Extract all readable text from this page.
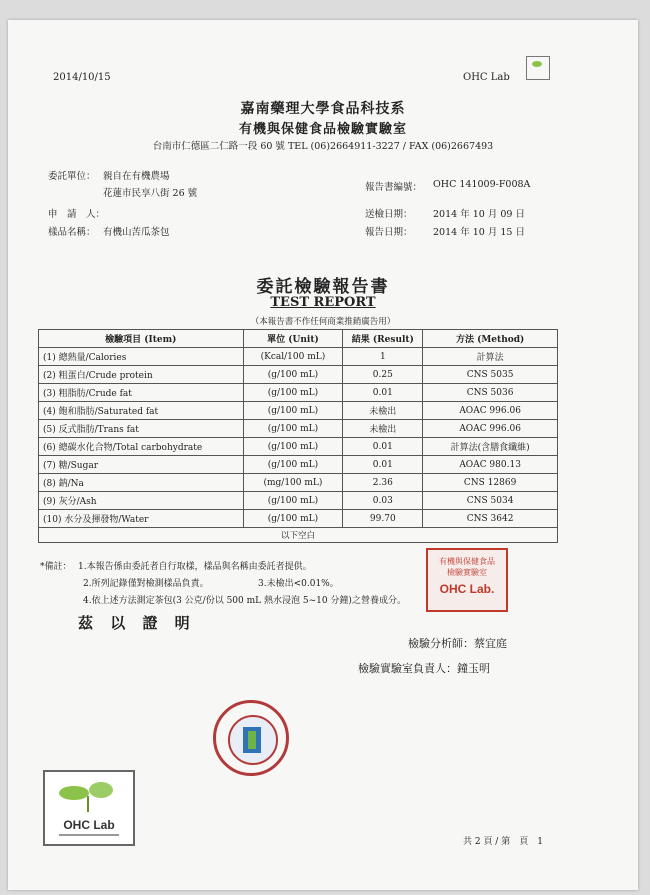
2014/10/15	OHC Lab
嘉南藥理大學食品科技系
有機與保健食品檢驗實驗室
台南市仁德區二仁路一段 60 號 TEL (06)2664911-3227 / FAX (06)2667493
委託單位： 親自在有機農場
花蓮市民享八街 26 號
申　請　人：
樣品名稱： 有機山苦瓜茶包
報告書編號： OHC 141009-F008A
送檢日期： 2014 年 10 月 09 日
報告日期： 2014 年 10 月 15 日
委託檢驗報告書
TEST REPORT
（本報告書不作任何商業推銷廣告用）
檢驗項目 (Item)	單位 (Unit)	結果 (Result)	方法 (Method)
(1) 總熱量/Calories	(Kcal/100 mL)	1	計算法
(2) 粗蛋白/Crude protein	(g/100 mL)	0.25	CNS 5035
(3) 粗脂肪/Crude fat	(g/100 mL)	0.01	CNS 5036
(4) 飽和脂肪/Saturated fat	(g/100 mL)	未檢出	AOAC 996.06
(5) 反式脂肪/Trans fat	(g/100 mL)	未檢出	AOAC 996.06
(6) 總碳水化合物/Total carbohydrate	(g/100 mL)	0.01	計算法(含膳食纖維)
(7) 糖/Sugar	(g/100 mL)	0.01	AOAC 980.13
(8) 鈉/Na	(mg/100 mL)	2.36	CNS 12869
(9) 灰分/Ash	(g/100 mL)	0.03	CNS 5034
(10) 水分及揮發物/Water	(g/100 mL)	99.70	CNS 3642
以下空白			
*備註： 1.本報告係由委託者自行取樣，樣品與名稱由委託者提供。
2.所列記錄僅對檢測樣品負責。	3.未檢出<0.01%。
4.依上述方法測定茶包(3 公克/份以 500 mL 熱水浸泡 5~10 分鐘)之營養成分。
有機與保健食品
檢驗實驗室
OHC Lab.
茲 以 證 明
檢驗分析師：蔡宜庭
檢驗實驗室負責人：鐘玉明
OHC Lab
共 2 頁 / 第　頁　1
